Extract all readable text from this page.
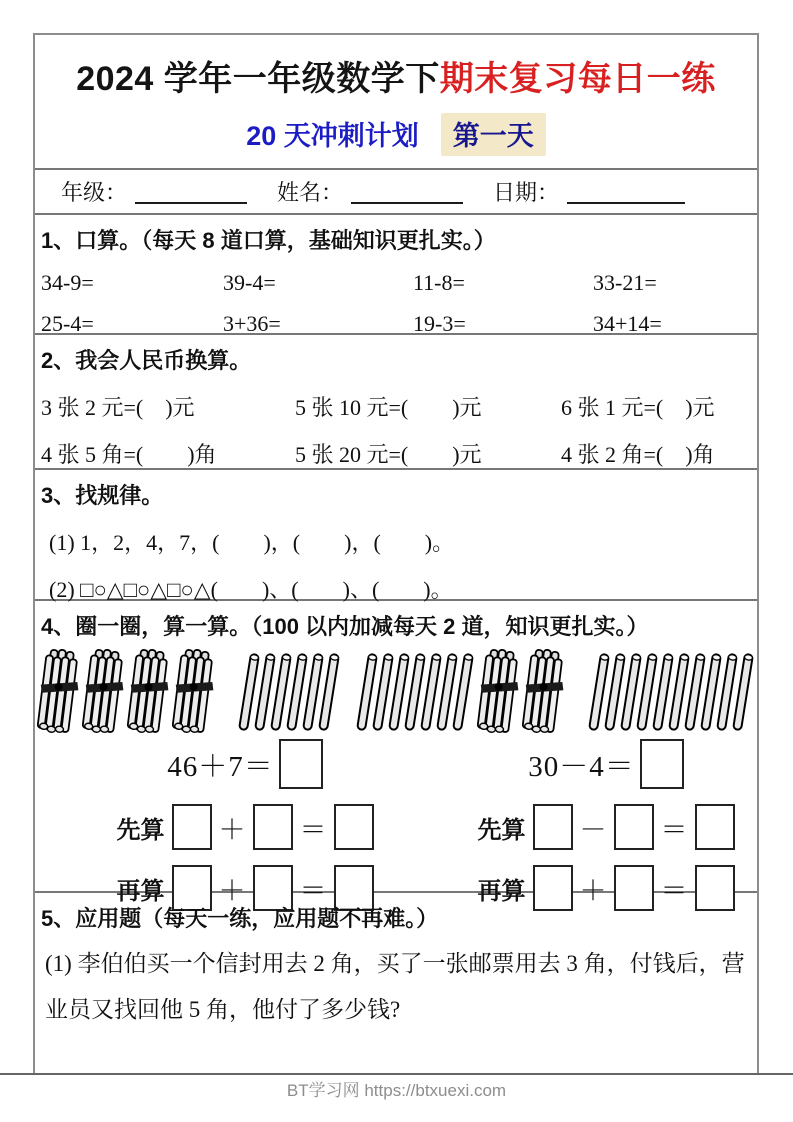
2024 学年一年级数学下期末复习每日一练
20 天冲刺计划 第一天
年级：	姓名：	日期：
1、口算。（每天 8 道口算，基础知识更扎实。）
34-9=	39-4=	11-8=	33-21=
25-4=	3+36=	19-3=	34+14=
2、我会人民币换算。
3 张 2 元=(　)元	5 张 10 元=(　　)元	6 张 1 元=(　)元
4 张 5 角=(　　)角	5 张 20 元=(　　)元	4 张 2 角=(　)角
3、找规律。
(1) 1，2，4，7，(　　)，(　　)，(　　)。
(2) □○△□○△□○△(　　)、(　　)、(　　)。
4、圈一圈，算一算。（100 以内加减每天 2 道，知识更扎实。）
46＋7＝	30－4＝
先算 ＋ ＝	先算 － ＝
再算 ＋ ＝	再算 ＋ ＝
5、应用题（每天一练，应用题不再难。）

(1) 李伯伯买一个信封用去 2 角，买了一张邮票用去 3 角，付钱后，营业员又找回他 5 角，他付了多少钱?

BT学习网 https://btxuexi.com
